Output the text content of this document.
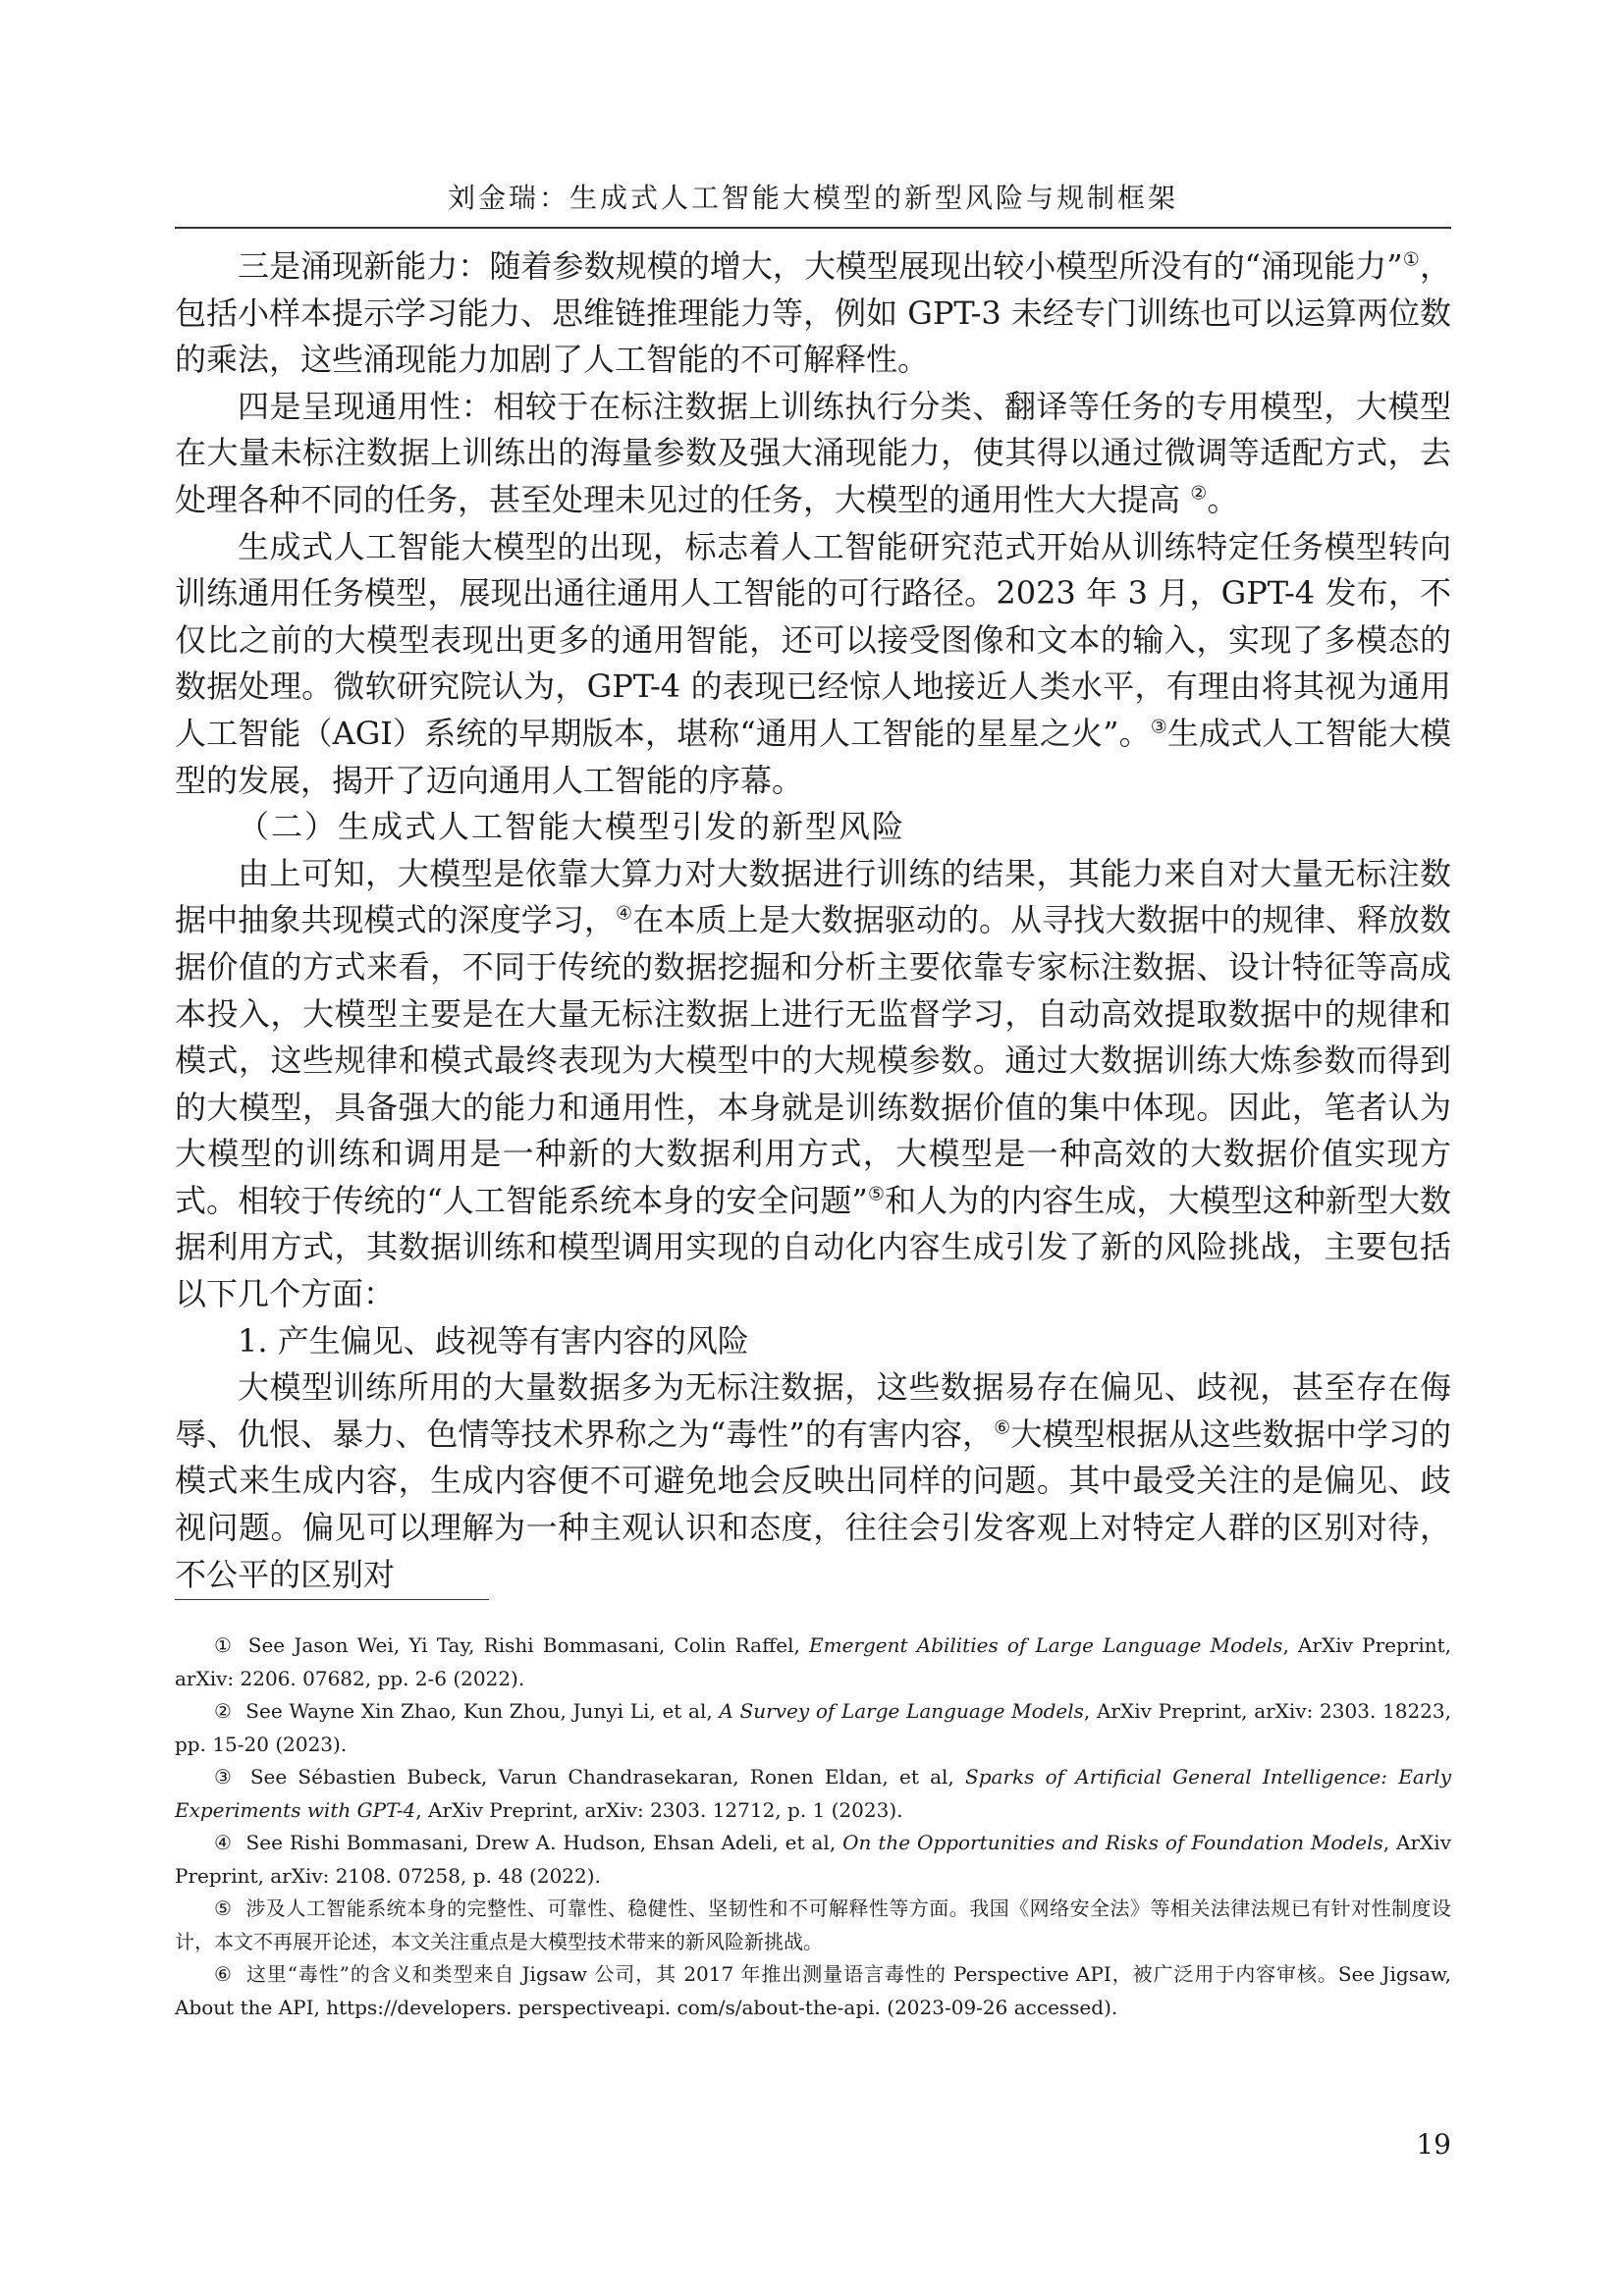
刘金瑞：生成式人工智能大模型的新型风险与规制框架

三是涌现新能力：随着参数规模的增大，大模型展现出较小模型所没有的“涌现能力”①，包括小样本提示学习能力、思维链推理能力等，例如 GPT-3 未经专门训练也可以运算两位数的乘法，这些涌现能力加剧了人工智能的不可解释性。

四是呈现通用性：相较于在标注数据上训练执行分类、翻译等任务的专用模型，大模型在大量未标注数据上训练出的海量参数及强大涌现能力，使其得以通过微调等适配方式，去处理各种不同的任务，甚至处理未见过的任务，大模型的通用性大大提高 ②。

生成式人工智能大模型的出现，标志着人工智能研究范式开始从训练特定任务模型转向训练通用任务模型，展现出通往通用人工智能的可行路径。2023 年 3 月，GPT-4 发布，不仅比之前的大模型表现出更多的通用智能，还可以接受图像和文本的输入，实现了多模态的数据处理。微软研究院认为，GPT-4 的表现已经惊人地接近人类水平，有理由将其视为通用人工智能（AGI）系统的早期版本，堪称“通用人工智能的星星之火”。③生成式人工智能大模型的发展，揭开了迈向通用人工智能的序幕。

（二）生成式人工智能大模型引发的新型风险

由上可知，大模型是依靠大算力对大数据进行训练的结果，其能力来自对大量无标注数据中抽象共现模式的深度学习，④在本质上是大数据驱动的。从寻找大数据中的规律、释放数据价值的方式来看，不同于传统的数据挖掘和分析主要依靠专家标注数据、设计特征等高成本投入，大模型主要是在大量无标注数据上进行无监督学习，自动高效提取数据中的规律和模式，这些规律和模式最终表现为大模型中的大规模参数。通过大数据训练大炼参数而得到的大模型，具备强大的能力和通用性，本身就是训练数据价值的集中体现。因此，笔者认为大模型的训练和调用是一种新的大数据利用方式，大模型是一种高效的大数据价值实现方式。相较于传统的“人工智能系统本身的安全问题”⑤和人为的内容生成，大模型这种新型大数据利用方式，其数据训练和模型调用实现的自动化内容生成引发了新的风险挑战，主要包括以下几个方面：

1. 产生偏见、歧视等有害内容的风险

大模型训练所用的大量数据多为无标注数据，这些数据易存在偏见、歧视，甚至存在侮辱、仇恨、暴力、色情等技术界称之为“毒性”的有害内容，⑥大模型根据从这些数据中学习的模式来生成内容，生成内容便不可避免地会反映出同样的问题。其中最受关注的是偏见、歧视问题。偏见可以理解为一种主观认识和态度，往往会引发客观上对特定人群的区别对待，不公平的区别对

① See Jason Wei, Yi Tay, Rishi Bommasani, Colin Raffel, Emergent Abilities of Large Language Models, ArXiv Preprint, arXiv: 2206. 07682, pp. 2-6 (2022).

② See Wayne Xin Zhao, Kun Zhou, Junyi Li, et al, A Survey of Large Language Models, ArXiv Preprint, arXiv: 2303. 18223, pp. 15-20 (2023).

③ See Sébastien Bubeck, Varun Chandrasekaran, Ronen Eldan, et al, Sparks of Artificial General Intelligence: Early Experiments with GPT-4, ArXiv Preprint, arXiv: 2303. 12712, p. 1 (2023).

④ See Rishi Bommasani, Drew A. Hudson, Ehsan Adeli, et al, On the Opportunities and Risks of Foundation Models, ArXiv Preprint, arXiv: 2108. 07258, p. 48 (2022).

⑤ 涉及人工智能系统本身的完整性、可靠性、稳健性、坚韧性和不可解释性等方面。我国《网络安全法》等相关法律法规已有针对性制度设计，本文不再展开论述，本文关注重点是大模型技术带来的新风险新挑战。

⑥ 这里“毒性”的含义和类型来自 Jigsaw 公司，其 2017 年推出测量语言毒性的 Perspective API，被广泛用于内容审核。See Jigsaw, About the API, https://developers. perspectiveapi. com/s/about-the-api. (2023-09-26 accessed).

19
